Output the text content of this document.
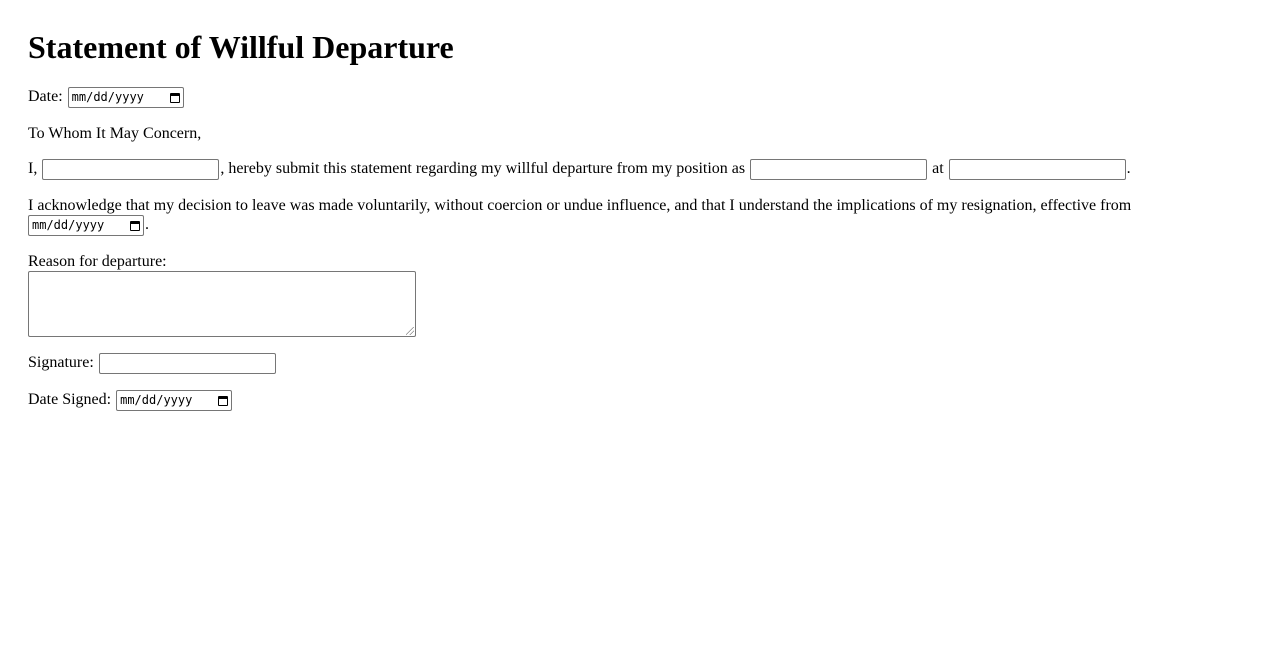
Statement of Willful Departure

Date: mm/dd/yyyy

To Whom It May Concern,

I,	, hereby submit this statement regarding my willful departure from my position as	at	.

I acknowledge that my decision to leave was made voluntarily, without coercion or undue influence, and that I understand the implications of my resignation, effective from

mm/dd/yyyy	.

Reason for departure:

Signature:

Date Signed: mm/dd/yyyy
